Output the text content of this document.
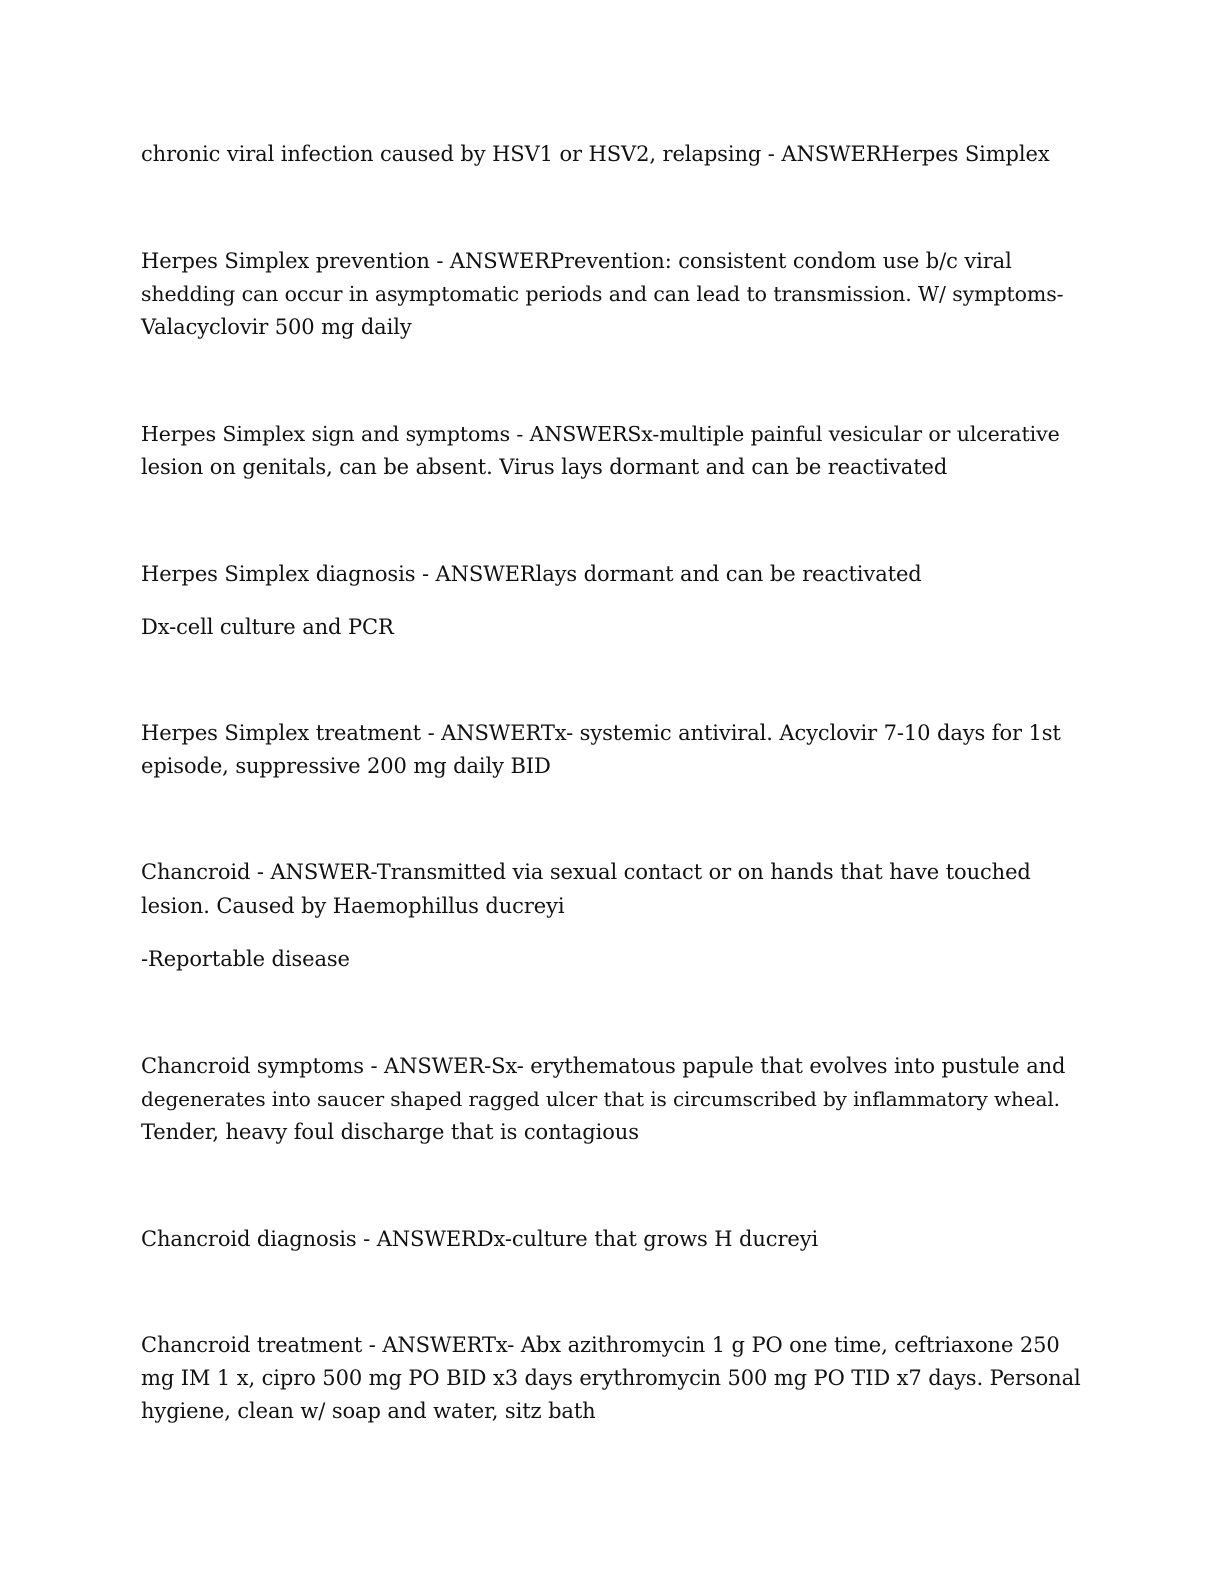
chronic viral infection caused by HSV1 or HSV2, relapsing - ANSWERHerpes Simplex
Herpes Simplex prevention - ANSWERPrevention: consistent condom use b/c viral
shedding can occur in asymptomatic periods and can lead to transmission. W/ symptoms-
Valacyclovir 500 mg daily
Herpes Simplex sign and symptoms - ANSWERSx-multiple painful vesicular or ulcerative
lesion on genitals, can be absent. Virus lays dormant and can be reactivated
Herpes Simplex diagnosis - ANSWERlays dormant and can be reactivated
Dx-cell culture and PCR
Herpes Simplex treatment - ANSWERTx- systemic antiviral. Acyclovir 7-10 days for 1st
episode, suppressive 200 mg daily BID
Chancroid - ANSWER-Transmitted via sexual contact or on hands that have touched
lesion. Caused by Haemophillus ducreyi
-Reportable disease
Chancroid symptoms - ANSWER-Sx- erythematous papule that evolves into pustule and
degenerates into saucer shaped ragged ulcer that is circumscribed by inflammatory wheal.
Tender, heavy foul discharge that is contagious
Chancroid diagnosis - ANSWERDx-culture that grows H ducreyi
Chancroid treatment - ANSWERTx- Abx azithromycin 1 g PO one time, ceftriaxone 250
mg IM 1 x, cipro 500 mg PO BID x3 days erythromycin 500 mg PO TID x7 days. Personal
hygiene, clean w/ soap and water, sitz bath
